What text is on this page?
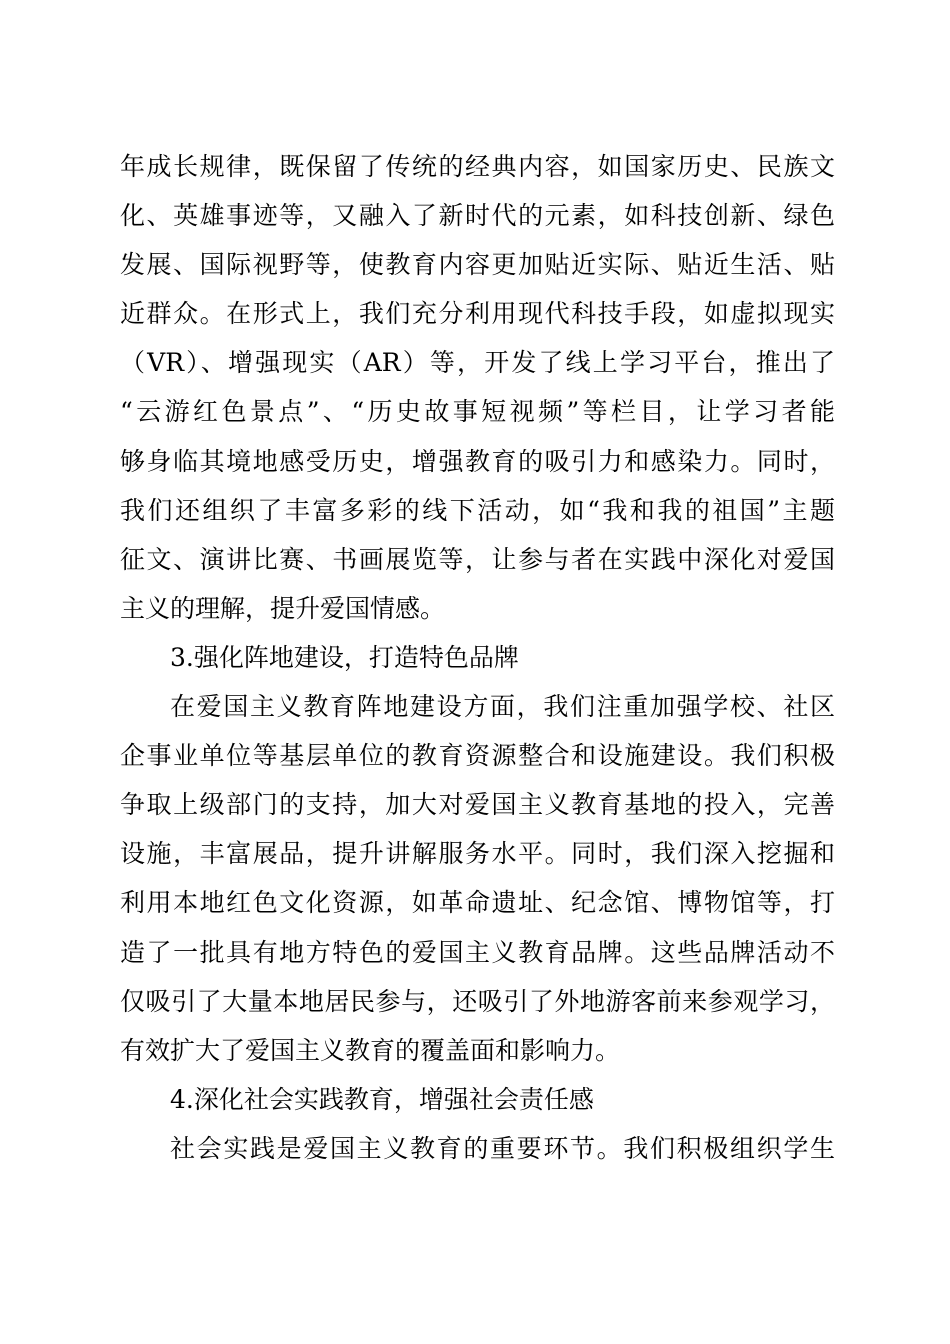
年成长规律，既保留了传统的经典内容，如国家历史、民族文
化、英雄事迹等，又融入了新时代的元素，如科技创新、绿色
发展、国际视野等，使教育内容更加贴近实际、贴近生活、贴
近群众。在形式上，我们充分利用现代科技手段，如虚拟现实
（VR）、增强现实（AR）等，开发了线上学习平台，推出了
“云游红色景点”、“历史故事短视频”等栏目，让学习者能
够身临其境地感受历史，增强教育的吸引力和感染力。同时，
我们还组织了丰富多彩的线下活动，如“我和我的祖国”主题
征文、演讲比赛、书画展览等，让参与者在实践中深化对爱国
主义的理解，提升爱国情感。
3.强化阵地建设，打造特色品牌
在爱国主义教育阵地建设方面，我们注重加强学校、社区
企事业单位等基层单位的教育资源整合和设施建设。我们积极
争取上级部门的支持，加大对爱国主义教育基地的投入，完善
设施，丰富展品，提升讲解服务水平。同时，我们深入挖掘和
利用本地红色文化资源，如革命遗址、纪念馆、博物馆等，打
造了一批具有地方特色的爱国主义教育品牌。这些品牌活动不
仅吸引了大量本地居民参与，还吸引了外地游客前来参观学习，
有效扩大了爱国主义教育的覆盖面和影响力。
4.深化社会实践教育，增强社会责任感
社会实践是爱国主义教育的重要环节。我们积极组织学生
